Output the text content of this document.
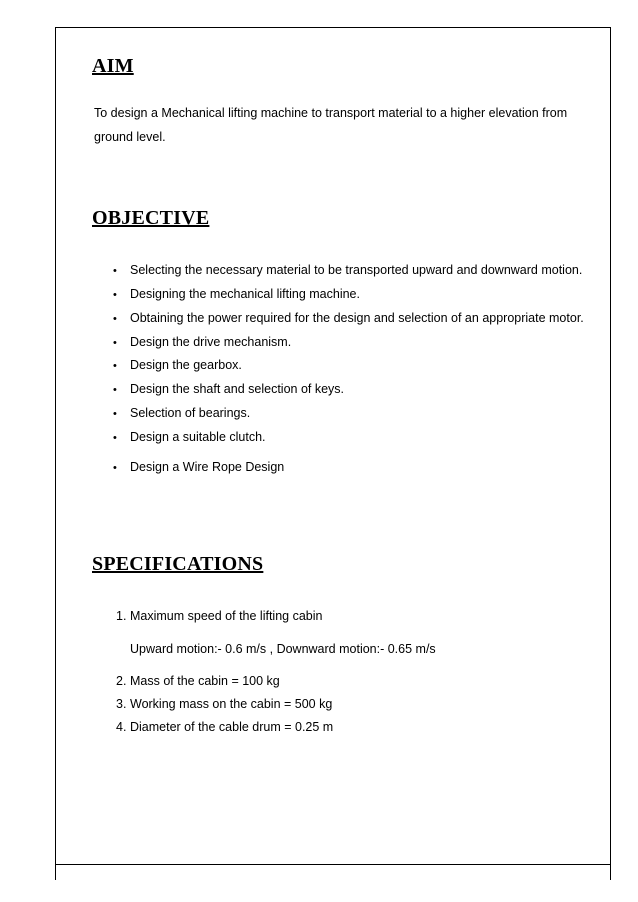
AIM

To design a Mechanical lifting machine to transport material to a higher elevation from ground level.

OBJECTIVE
• Selecting the necessary material to be transported upward and downward motion.
• Designing the mechanical lifting machine.
• Obtaining the power required for the design and selection of an appropriate motor.
• Design the drive mechanism.
• Design the gearbox.
• Design the shaft and selection of keys.
• Selection of bearings.
• Design a suitable clutch.
• Design a Wire Rope Design
SPECIFICATIONS
1. Maximum speed of the lifting cabin
Upward motion:- 0.6 m/s , Downward motion:- 0.65 m/s
2. Mass of the cabin = 100 kg
3. Working mass on the cabin = 500 kg
4. Diameter of the cable drum = 0.25 m
